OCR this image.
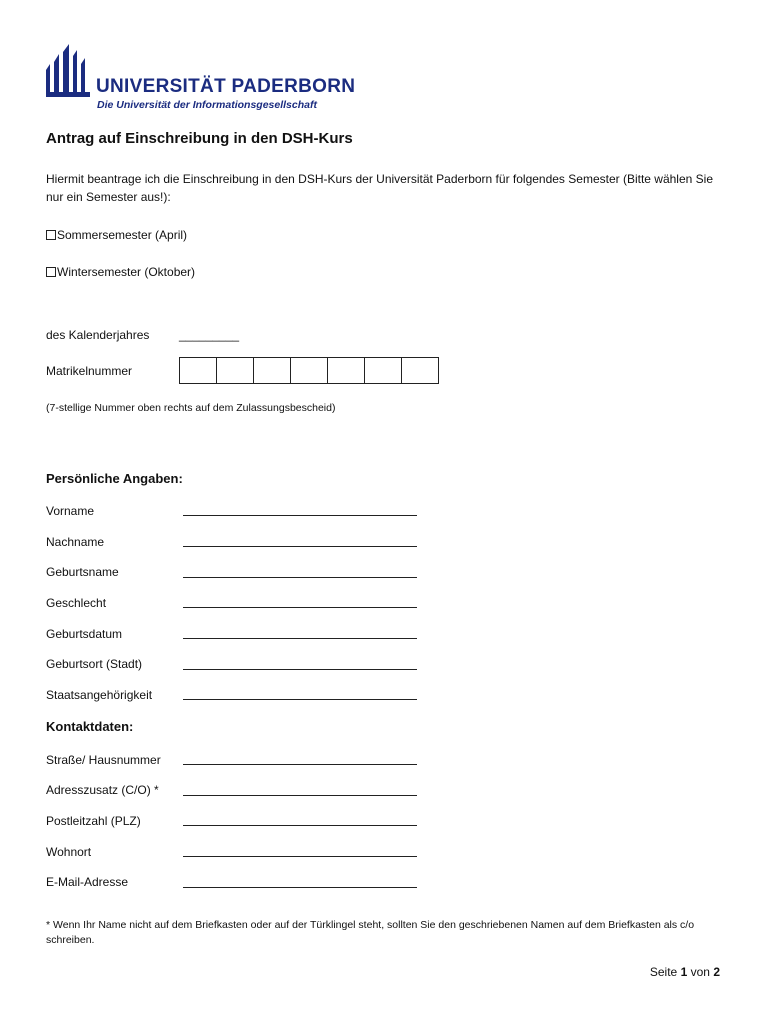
UNIVERSITÄT PADERBORN
Die Universität der Informationsgesellschaft
Antrag auf Einschreibung in den DSH-Kurs
Hiermit beantrage ich die Einschreibung in den DSH-Kurs der Universität Paderborn für folgendes Semester (Bitte wählen Sie nur ein Semester aus!):
Sommersemester (April)
Wintersemester (Oktober)
des Kalenderjahres _________
Matrikelnummer
(7-stellige Nummer oben rechts auf dem Zulassungsbescheid)
Persönliche Angaben:
Vorname
Nachname
Geburtsname
Geschlecht
Geburtsdatum
Geburtsort (Stadt)
Staatsangehörigkeit
Kontaktdaten:
Straße/ Hausnummer
Adresszusatz (C/O) *
Postleitzahl (PLZ)
Wohnort
E-Mail-Adresse
* Wenn Ihr Name nicht auf dem Briefkasten oder auf der Türklingel steht, sollten Sie den geschriebenen Namen auf dem Briefkasten als c/o schreiben.
Seite 1 von 2
